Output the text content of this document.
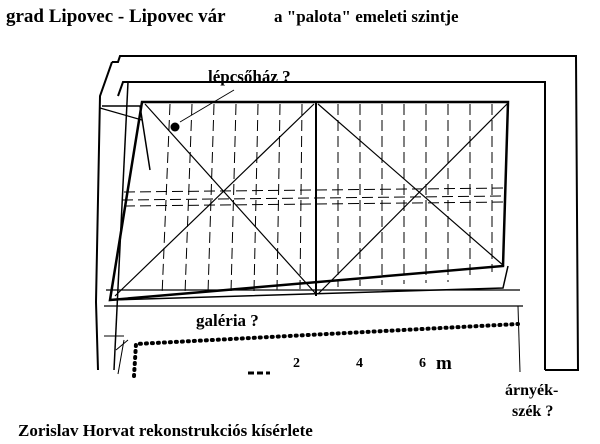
2	4	6 m
grad Lipovec - Lipovec vár	a "palota" emeleti szintje
lépcsőház ?
galéria ?
árnyék-
szék ?
Zorislav Horvat rekonstrukciós kísérlete
